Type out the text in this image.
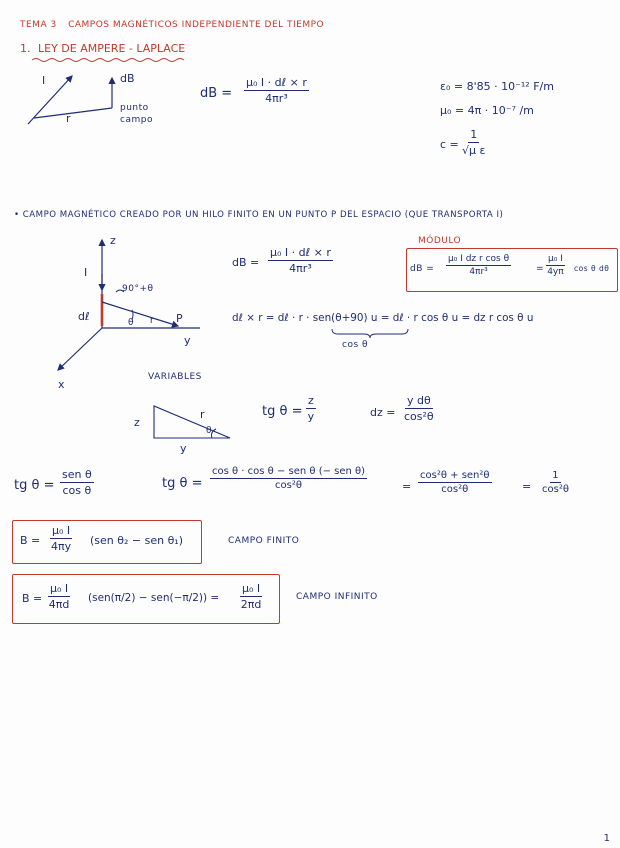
TEMA 3 CAMPOS MAGNÉTICOS INDEPENDIENTE DEL TIEMPO
1. LEY DE AMPERE - LAPLACE
I	dB
r
punto campo
dB =
μ₀ I · dℓ × r
4πr³
ε₀ = 8'85 · 10⁻¹² F/m
μ₀ = 4π · 10⁻⁷ /m
$c = \frac{1}{\text{√μ ε}}$
• CAMPO MAGNÉTICO CREADO POR UN HILO FINITO EN UN PUNTO P DEL ESPACIO (QUE TRANSPORTA I)
z
I
90°+θ
dℓ	θ r P
y
x
dB =
μ₀ I · dℓ × r
4πr³
MÓDULO
dB = $\frac{\text{μ₀ I dz r cos θ}}{\text{4πr³}}$	= $\frac{\text{μ₀ I}}{4y\pi}$ cos θ dθ
dℓ × r = dℓ · r · sen(θ+90) u = dℓ · r cos θ u = dz r cos θ u
cos θ
VARIABLES
z
r
θ
y
tg $\theta = \frac{z}{y}$	dz = $\frac{\text{y dθ}}{\text{cos²θ}}$
tg θ =
sen θ
cos θ	tg θ =
cos θ · cos θ − sen θ (− sen θ)
cos²θ	=
cos²θ + sen²θ
cos²θ	= $\frac{1}{\text{cos²θ}}$
$B = \frac{\text{μ₀ I}}{4\pi y} (sen$ θ₂ − sen θ₁)	CAMPO FINITO
$B = \frac{\text{μ₀ I}}{4\pi d} (sen(\pi/2) - sen(-\pi/2)) = \frac{\text{μ₀ I}}{2\pi d}$	CAMPO INFINITO
1
